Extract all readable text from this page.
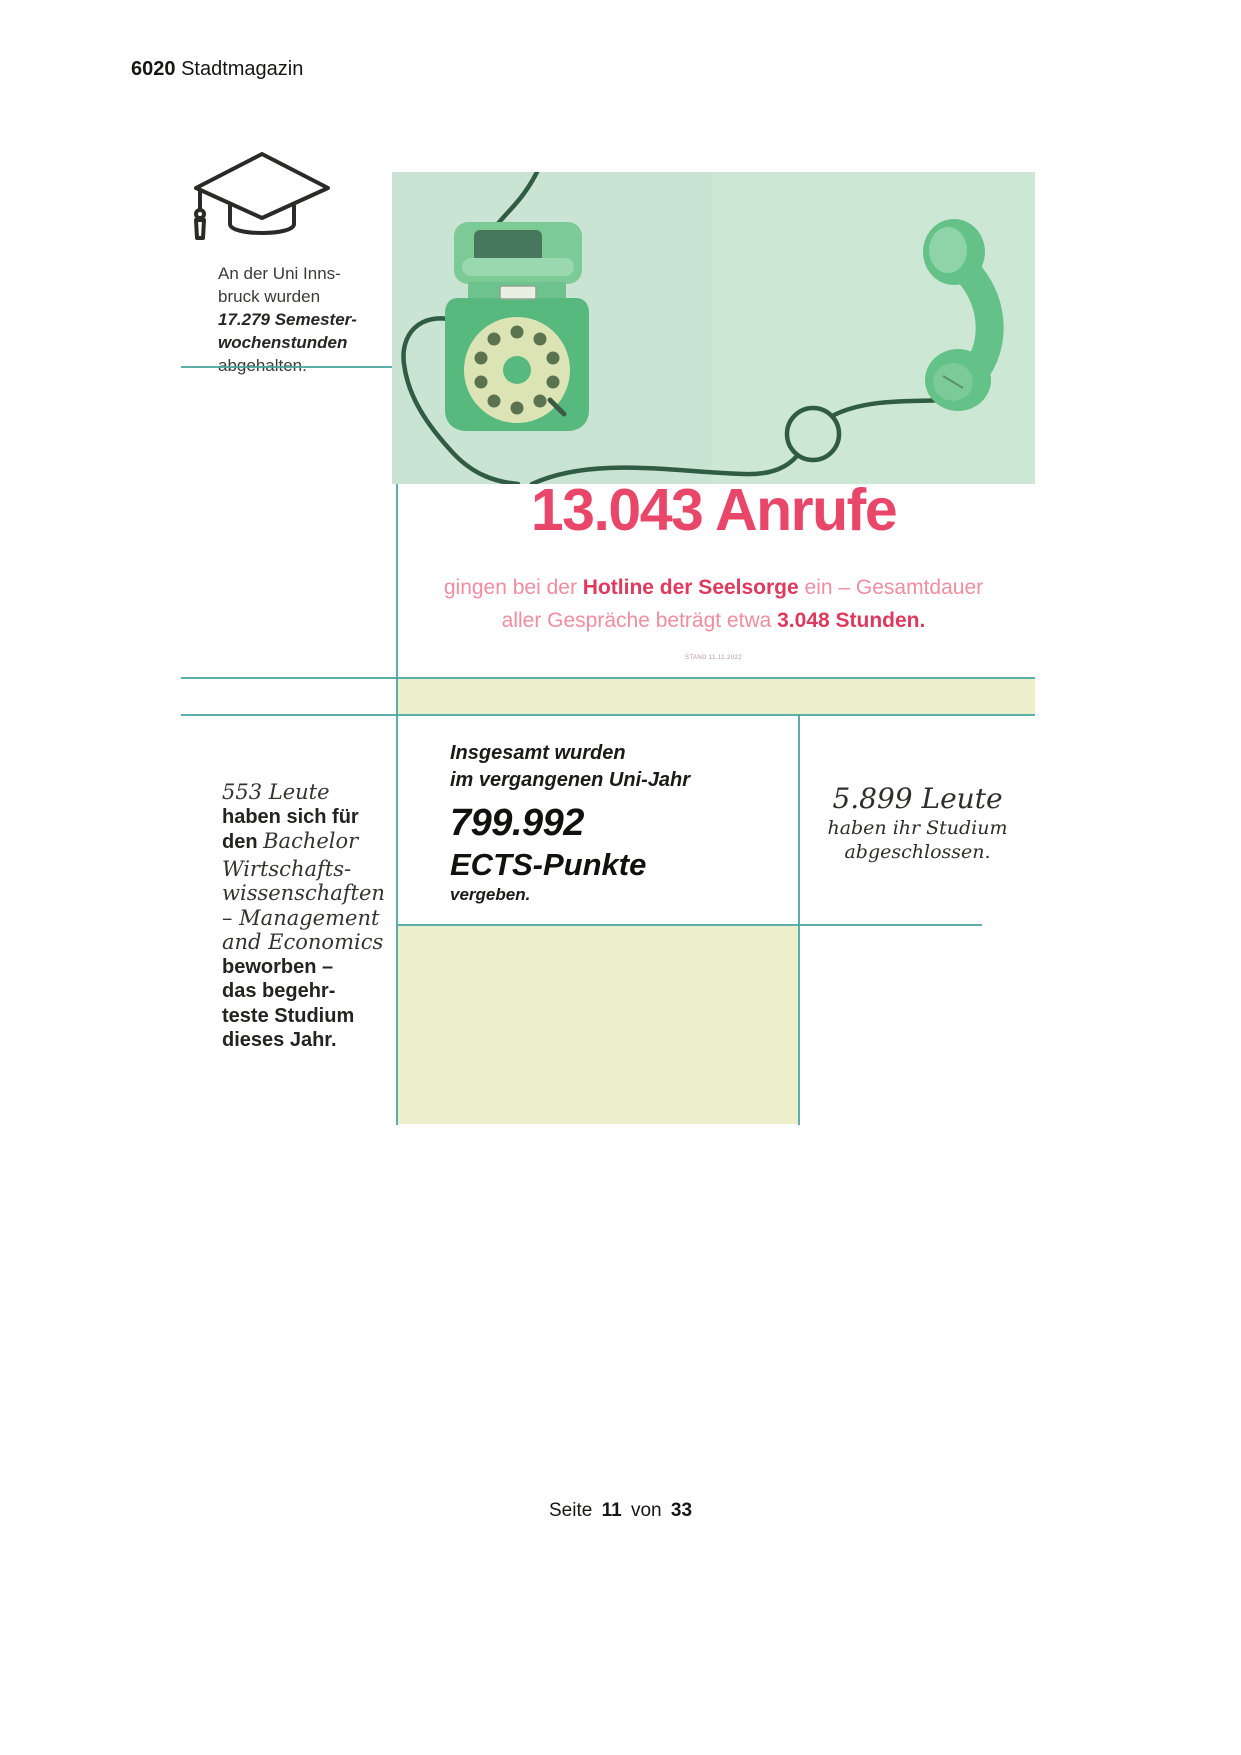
6020 Stadtmagazin
An der Uni Inns-
bruck wurden
17.279 Semester-
wochenstunden
13.043 Anrufe
gingen bei der Hotline der Seelsorge ein – Gesamtdauer
aller Gespräche beträgt etwa 3.048 Stunden.
STAND 11.11.2022
553 Leute
haben sich für
den Bachelor
Wirtschafts-
wissenschaften
– Management
and Economics
beworben –
das begehr-
teste Studium
dieses Jahr.
Insgesamt wurden
im vergangenen Uni-Jahr
799.992
ECTS-Punkte
vergeben.
5.899 Leute
haben ihr Studium
abgeschlossen.
Seite 11 von 33
